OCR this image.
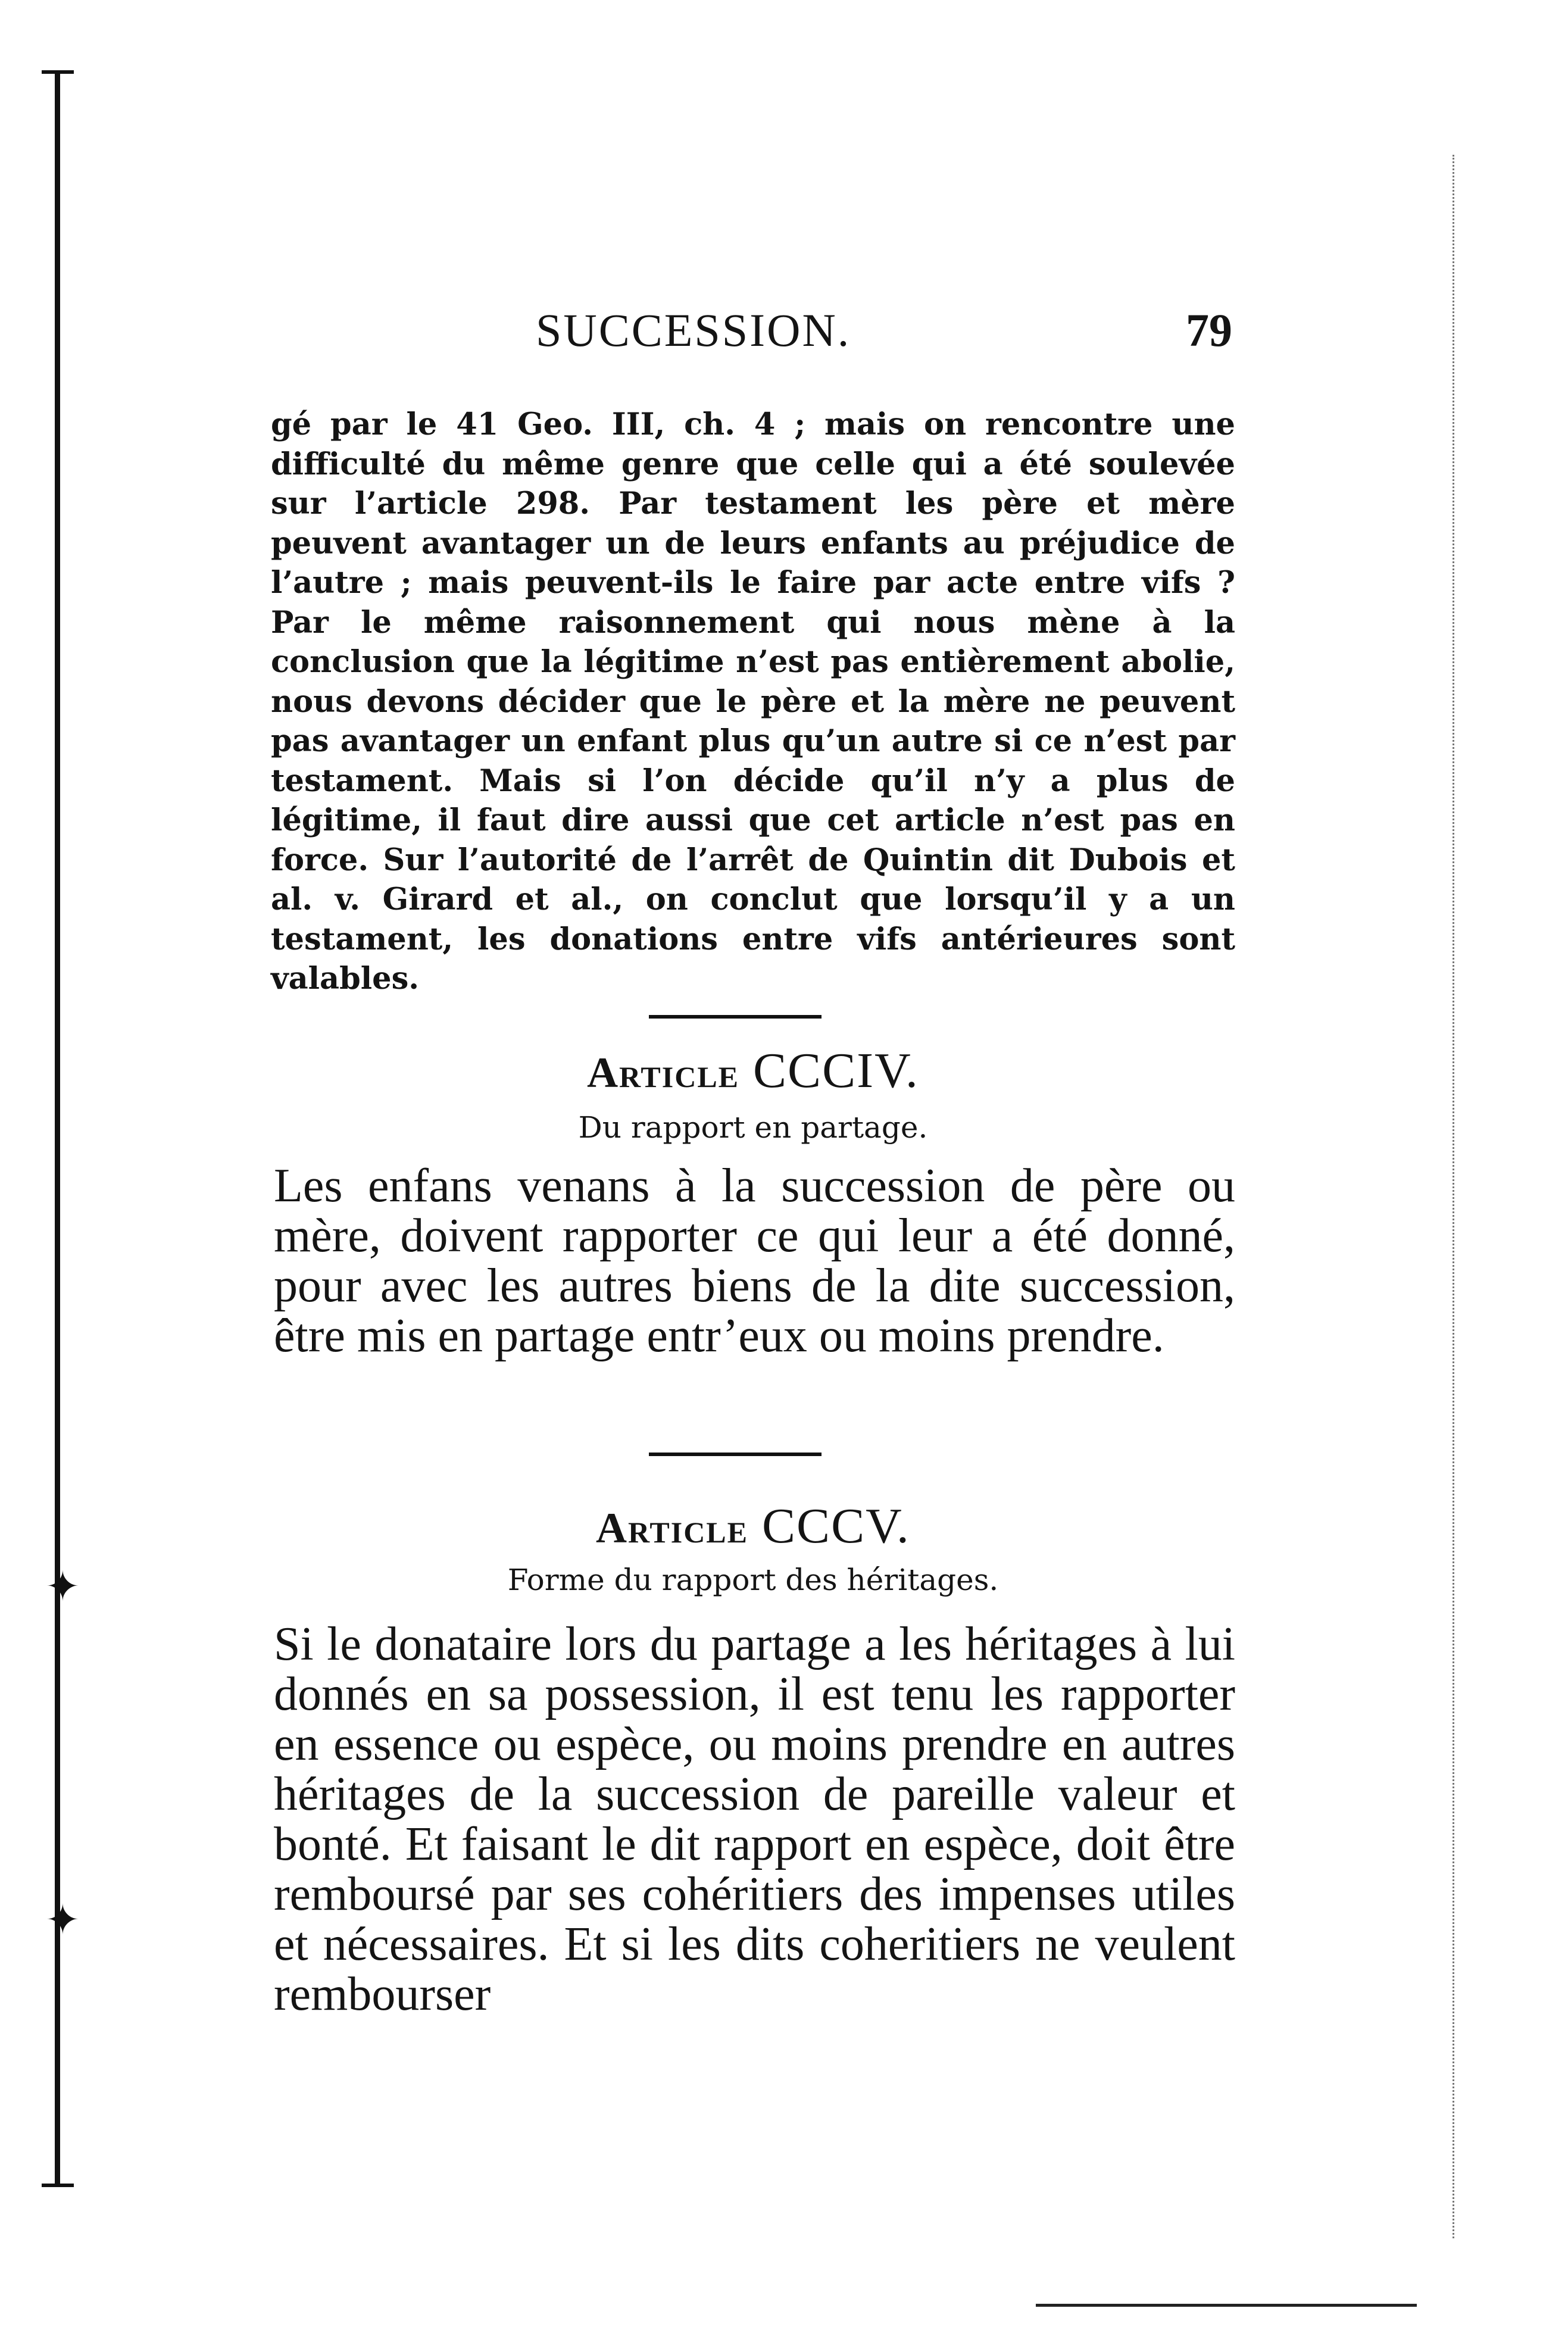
✦
✦
SUCCESSION.	79

gé par le 41 Geo. III, ch. 4 ; mais on rencontre une difficulté du même genre que celle qui a été soulevée sur l’article 298. Par testament les père et mère peuvent avantager un de leurs enfants au préjudice de l’autre ; mais peuvent-ils le faire par acte entre vifs ? Par le même raisonnement qui nous mène à la conclusion que la légitime n’est pas entièrement abolie, nous devons décider que le père et la mère ne peuvent pas avantager un enfant plus qu’un autre si ce n’est par testament. Mais si l’on décide qu’il n’y a plus de légitime, il faut dire aussi que cet article n’est pas en force. Sur l’autorité de l’arrêt de Quintin dit Dubois et al. v. Girard et al., on conclut que lorsqu’il y a un testament, les donations entre vifs antérieures sont valables.

Article CCCIV.
Du rapport en partage.

Les enfans venans à la succession de père ou mère, doivent rapporter ce qui leur a été donné, pour avec les autres biens de la dite succession, être mis en partage entr’eux ou moins prendre.

Article CCCV.
Forme du rapport des héritages.

Si le donataire lors du partage a les héritages à lui donnés en sa possession, il est tenu les rapporter en essence ou espèce, ou moins prendre en autres héritages de la succession de pareille valeur et bonté. Et faisant le dit rapport en espèce, doit être remboursé par ses cohéritiers des impenses utiles et nécessaires. Et si les dits coheritiers ne veulent rembourser
